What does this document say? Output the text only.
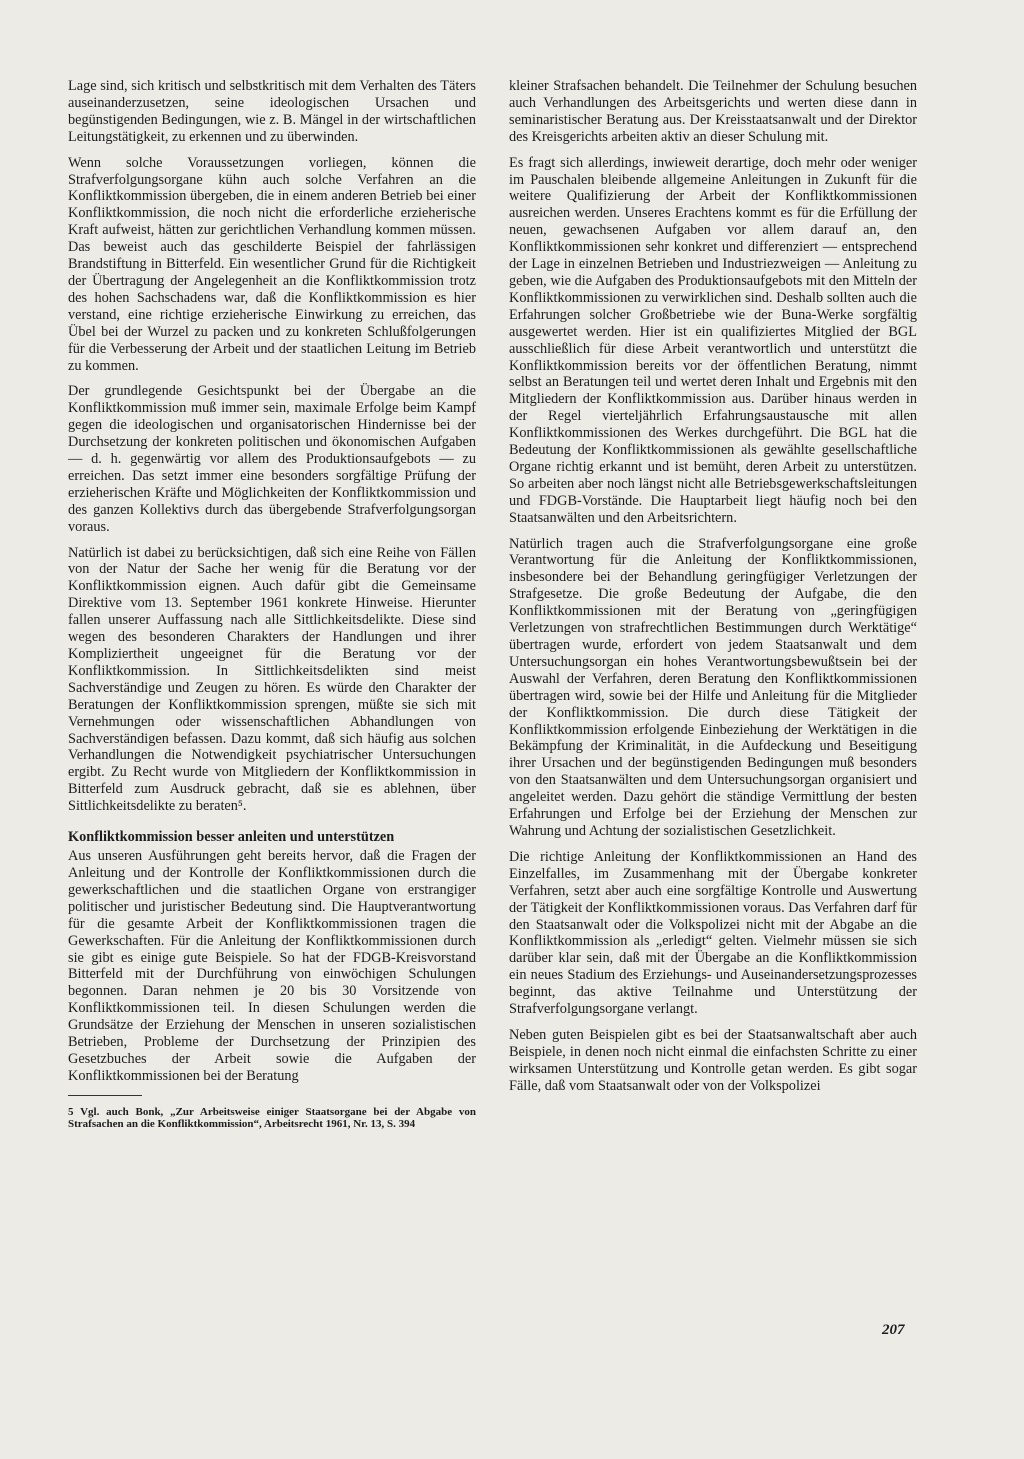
Lage sind, sich kritisch und selbstkritisch mit dem Verhalten des Täters auseinanderzusetzen, seine ideologischen Ursachen und begünstigenden Bedingungen, wie z. B. Mängel in der wirtschaftlichen Leitungstätigkeit, zu erkennen und zu überwinden.

Wenn solche Voraussetzungen vorliegen, können die Strafverfolgungsorgane kühn auch solche Verfahren an die Konfliktkommission übergeben, die in einem anderen Betrieb bei einer Konfliktkommission, die noch nicht die erforderliche erzieherische Kraft aufweist, hätten zur gerichtlichen Verhandlung kommen müssen. Das beweist auch das geschilderte Beispiel der fahrlässigen Brandstiftung in Bitterfeld. Ein wesentlicher Grund für die Richtigkeit der Übertragung der Angelegenheit an die Konfliktkommission trotz des hohen Sachschadens war, daß die Konfliktkommission es hier verstand, eine richtige erzieherische Einwirkung zu erreichen, das Übel bei der Wurzel zu packen und zu konkreten Schlußfolgerungen für die Verbesserung der Arbeit und der staatlichen Leitung im Betrieb zu kommen.

Der grundlegende Gesichtspunkt bei der Übergabe an die Konfliktkommission muß immer sein, maximale Erfolge beim Kampf gegen die ideologischen und organisatorischen Hindernisse bei der Durchsetzung der konkreten politischen und ökonomischen Aufgaben — d. h. gegenwärtig vor allem des Produktionsaufgebots — zu erreichen. Das setzt immer eine besonders sorgfältige Prüfung der erzieherischen Kräfte und Möglichkeiten der Konfliktkommission und des ganzen Kollektivs durch das übergebende Strafverfolgungsorgan voraus.

Natürlich ist dabei zu berücksichtigen, daß sich eine Reihe von Fällen von der Natur der Sache her wenig für die Beratung vor der Konfliktkommission eignen. Auch dafür gibt die Gemeinsame Direktive vom 13. September 1961 konkrete Hinweise. Hierunter fallen unserer Auffassung nach alle Sittlichkeitsdelikte. Diese sind wegen des besonderen Charakters der Handlungen und ihrer Kompliziertheit ungeeignet für die Beratung vor der Konfliktkommission. In Sittlichkeitsdelikten sind meist Sachverständige und Zeugen zu hören. Es würde den Charakter der Beratungen der Konfliktkommission sprengen, müßte sie sich mit Vernehmungen oder wissenschaftlichen Abhandlungen von Sachverständigen befassen. Dazu kommt, daß sich häufig aus solchen Verhandlungen die Notwendigkeit psychiatrischer Untersuchungen ergibt. Zu Recht wurde von Mitgliedern der Konfliktkommission in Bitterfeld zum Ausdruck gebracht, daß sie es ablehnen, über Sittlichkeitsdelikte zu beraten⁵.

Konfliktkommission besser anleiten und unterstützen

Aus unseren Ausführungen geht bereits hervor, daß die Fragen der Anleitung und der Kontrolle der Konfliktkommissionen durch die gewerkschaftlichen und die staatlichen Organe von erstrangiger politischer und juristischer Bedeutung sind. Die Hauptverantwortung für die gesamte Arbeit der Konfliktkommissionen tragen die Gewerkschaften. Für die Anleitung der Konfliktkommissionen durch sie gibt es einige gute Beispiele. So hat der FDGB-Kreisvorstand Bitterfeld mit der Durchführung von einwöchigen Schulungen begonnen. Daran nehmen je 20 bis 30 Vorsitzende von Konfliktkommissionen teil. In diesen Schulungen werden die Grundsätze der Erziehung der Menschen in unseren sozialistischen Betrieben, Probleme der Durchsetzung der Prinzipien des Gesetzbuches der Arbeit sowie die Aufgaben der Konfliktkommissionen bei der Beratung

5 Vgl. auch Bonk, „Zur Arbeitsweise einiger Staatsorgane bei der Abgabe von Strafsachen an die Konfliktkommission“, Arbeitsrecht 1961, Nr. 13, S. 394

kleiner Strafsachen behandelt. Die Teilnehmer der Schulung besuchen auch Verhandlungen des Arbeitsgerichts und werten diese dann in seminaristischer Beratung aus. Der Kreisstaatsanwalt und der Direktor des Kreisgerichts arbeiten aktiv an dieser Schulung mit.

Es fragt sich allerdings, inwieweit derartige, doch mehr oder weniger im Pauschalen bleibende allgemeine Anleitungen in Zukunft für die weitere Qualifizierung der Arbeit der Konfliktkommissionen ausreichen werden. Unseres Erachtens kommt es für die Erfüllung der neuen, gewachsenen Aufgaben vor allem darauf an, den Konfliktkommissionen sehr konkret und differenziert — entsprechend der Lage in einzelnen Betrieben und Industriezweigen — Anleitung zu geben, wie die Aufgaben des Produktionsaufgebots mit den Mitteln der Konfliktkommissionen zu verwirklichen sind. Deshalb sollten auch die Erfahrungen solcher Großbetriebe wie der Buna-Werke sorgfältig ausgewertet werden. Hier ist ein qualifiziertes Mitglied der BGL ausschließlich für diese Arbeit verantwortlich und unterstützt die Konfliktkommission bereits vor der öffentlichen Beratung, nimmt selbst an Beratungen teil und wertet deren Inhalt und Ergebnis mit den Mitgliedern der Konfliktkommission aus. Darüber hinaus werden in der Regel vierteljährlich Erfahrungsaustausche mit allen Konfliktkommissionen des Werkes durchgeführt. Die BGL hat die Bedeutung der Konfliktkommissionen als gewählte gesellschaftliche Organe richtig erkannt und ist bemüht, deren Arbeit zu unterstützen. So arbeiten aber noch längst nicht alle Betriebsgewerkschaftsleitungen und FDGB-Vorstände. Die Hauptarbeit liegt häufig noch bei den Staatsanwälten und den Arbeitsrichtern.

Natürlich tragen auch die Strafverfolgungsorgane eine große Verantwortung für die Anleitung der Konfliktkommissionen, insbesondere bei der Behandlung geringfügiger Verletzungen der Strafgesetze. Die große Bedeutung der Aufgabe, die den Konfliktkommissionen mit der Beratung von „geringfügigen Verletzungen von strafrechtlichen Bestimmungen durch Werktätige“ übertragen wurde, erfordert von jedem Staatsanwalt und dem Untersuchungsorgan ein hohes Verantwortungsbewußtsein bei der Auswahl der Verfahren, deren Beratung den Konfliktkommissionen übertragen wird, sowie bei der Hilfe und Anleitung für die Mitglieder der Konfliktkommission. Die durch diese Tätigkeit der Konfliktkommission erfolgende Einbeziehung der Werktätigen in die Bekämpfung der Kriminalität, in die Aufdeckung und Beseitigung ihrer Ursachen und der begünstigenden Bedingungen muß besonders von den Staatsanwälten und dem Untersuchungsorgan organisiert und angeleitet werden. Dazu gehört die ständige Vermittlung der besten Erfahrungen und Erfolge bei der Erziehung der Menschen zur Wahrung und Achtung der sozialistischen Gesetzlichkeit.

Die richtige Anleitung der Konfliktkommissionen an Hand des Einzelfalles, im Zusammenhang mit der Übergabe konkreter Verfahren, setzt aber auch eine sorgfältige Kontrolle und Auswertung der Tätigkeit der Konfliktkommissionen voraus. Das Verfahren darf für den Staatsanwalt oder die Volkspolizei nicht mit der Abgabe an die Konfliktkommission als „erledigt“ gelten. Vielmehr müssen sie sich darüber klar sein, daß mit der Übergabe an die Konfliktkommission ein neues Stadium des Erziehungs- und Auseinandersetzungsprozesses beginnt, das aktive Teilnahme und Unterstützung der Strafverfolgungsorgane verlangt.

Neben guten Beispielen gibt es bei der Staatsanwaltschaft aber auch Beispiele, in denen noch nicht einmal die einfachsten Schritte zu einer wirksamen Unterstützung und Kontrolle getan werden. Es gibt sogar Fälle, daß vom Staatsanwalt oder von der Volkspolizei

207
